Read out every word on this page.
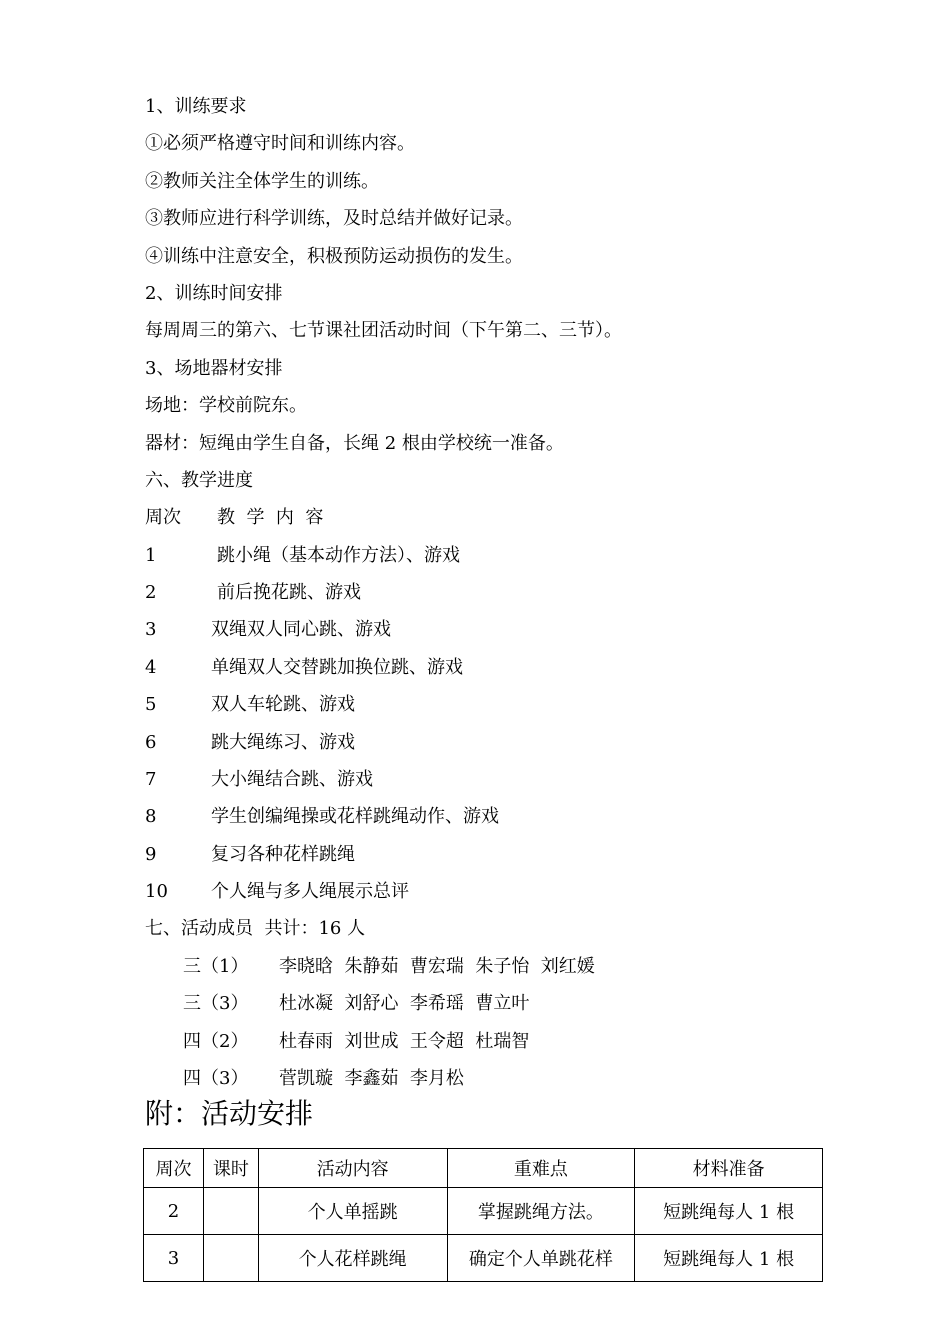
1、训练要求
①必须严格遵守时间和训练内容。
②教师关注全体学生的训练。
③教师应进行科学训练，及时总结并做好记录。
④训练中注意安全，积极预防运动损伤的发生。
2、训练时间安排
每周周三的第六、七节课社团活动时间（下午第二、三节）。
3、场地器材安排
场地：学校前院东。
器材：短绳由学生自备，长绳 2 根由学校统一准备。
六、教学进度
周次 教  学  内  容
1	跳小绳（基本动作方法）、游戏
2	前后挽花跳、游戏
3	双绳双人同心跳、游戏
4	单绳双人交替跳加换位跳、游戏
5	双人车轮跳、游戏
6	跳大绳练习、游戏
7	大小绳结合跳、游戏
8	学生创编绳操或花样跳绳动作、游戏
9	复习各种花样跳绳
10 个人绳与多人绳展示总评
七、活动成员  共计：16 人
三（1） 李晓晗  朱静茹  曹宏瑞  朱子怡  刘红媛
三（3） 杜冰凝  刘舒心  李希瑶  曹立叶
四（2） 杜春雨  刘世成  王令超  杜瑞智
四（3） 菅凯璇  李鑫茹  李月松
附：活动安排
周次	课时	活动内容	重难点	材料准备
2		个人单摇跳	掌握跳绳方法。	短跳绳每人 1 根
3		个人花样跳绳	确定个人单跳花样	短跳绳每人 1 根
